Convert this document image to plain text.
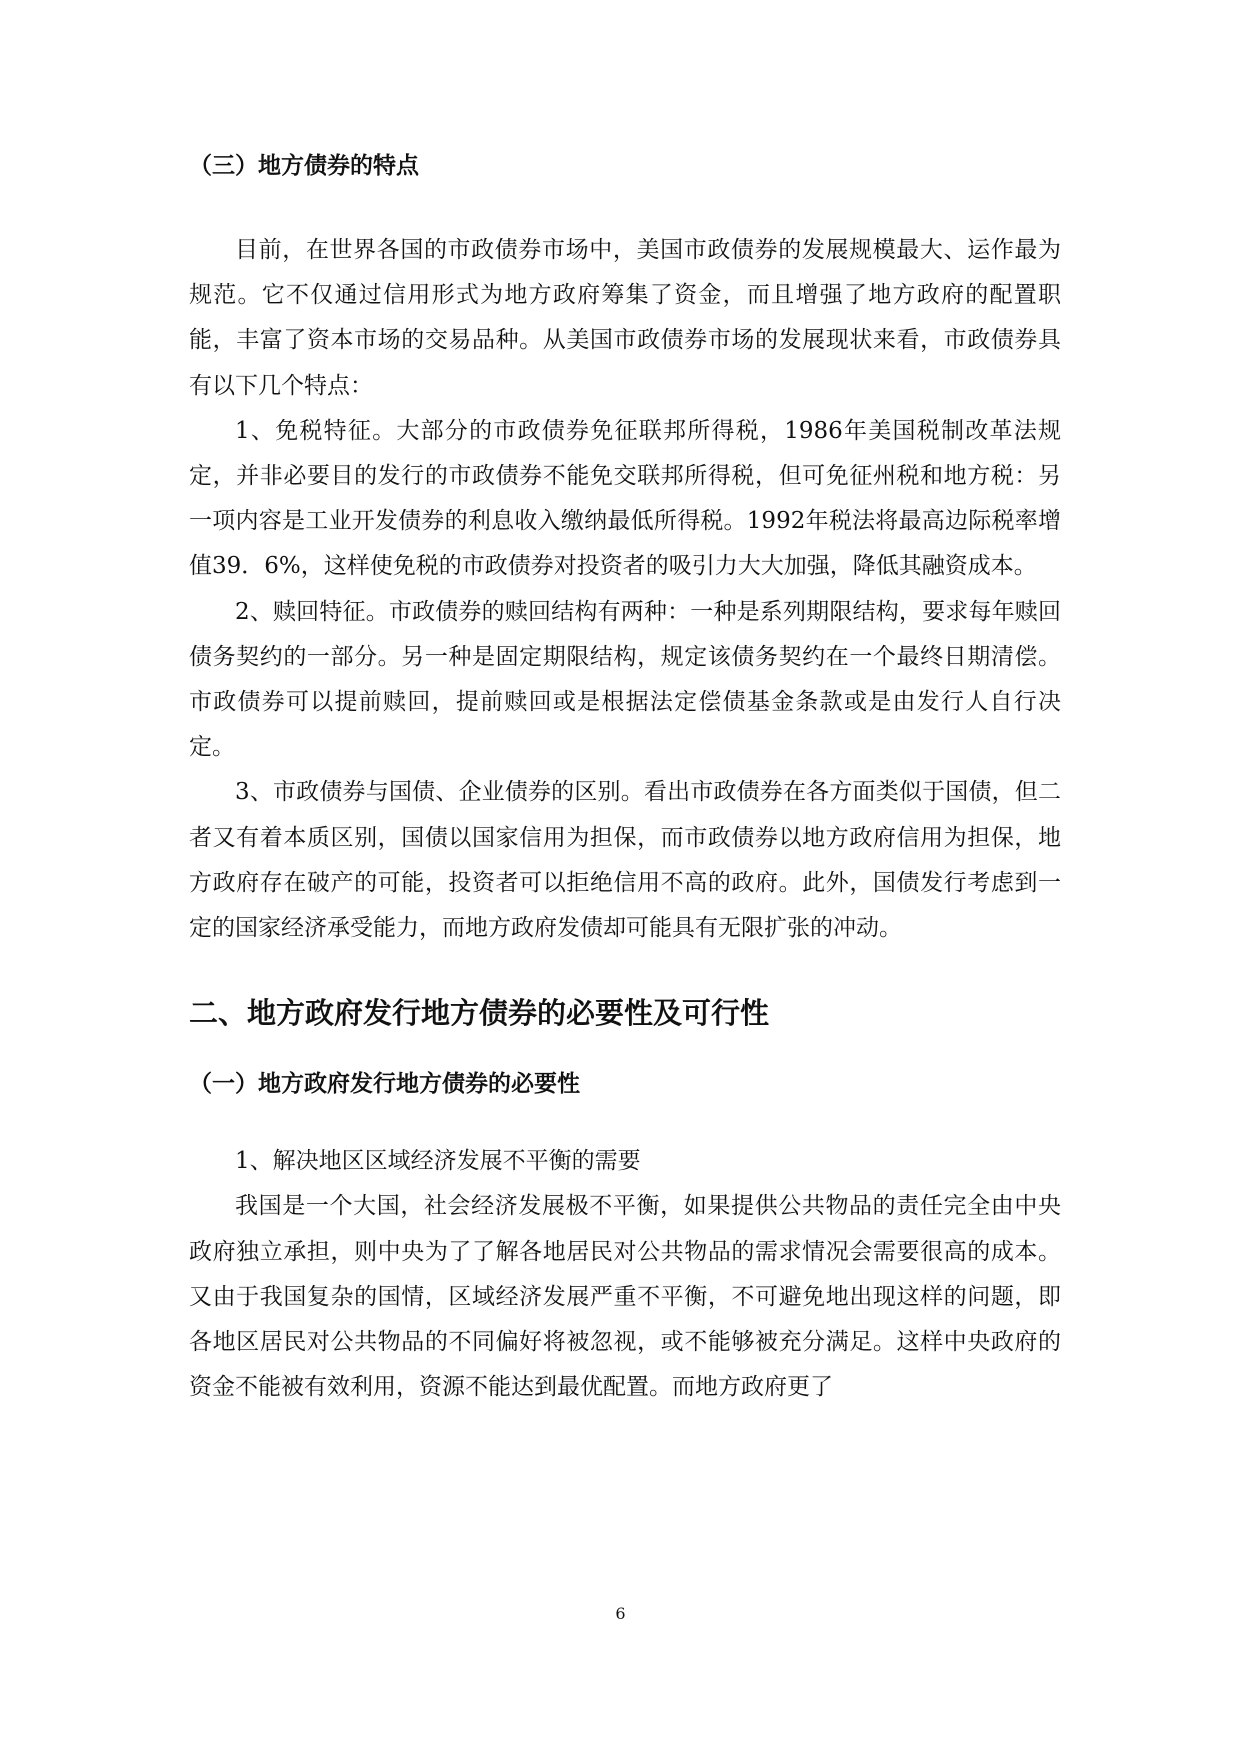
（三）地方债券的特点

目前，在世界各国的市政债券市场中，美国市政债券的发展规模最大、运作最为规范。它不仅通过信用形式为地方政府筹集了资金，而且增强了地方政府的配置职能，丰富了资本市场的交易品种。从美国市政债券市场的发展现状来看，市政债券具有以下几个特点：

1、免税特征。大部分的市政债券免征联邦所得税，1986年美国税制改革法规定，并非必要目的发行的市政债券不能免交联邦所得税，但可免征州税和地方税：另一项内容是工业开发债券的利息收入缴纳最低所得税。1992年税法将最高边际税率增值39．6%，这样使免税的市政债券对投资者的吸引力大大加强，降低其融资成本。

2、赎回特征。市政债券的赎回结构有两种：一种是系列期限结构，要求每年赎回债务契约的一部分。另一种是固定期限结构，规定该债务契约在一个最终日期清偿。市政债券可以提前赎回，提前赎回或是根据法定偿债基金条款或是由发行人自行决定。

3、市政债券与国债、企业债券的区别。看出市政债券在各方面类似于国债，但二者又有着本质区别，国债以国家信用为担保，而市政债券以地方政府信用为担保，地方政府存在破产的可能，投资者可以拒绝信用不高的政府。此外，国债发行考虑到一定的国家经济承受能力，而地方政府发债却可能具有无限扩张的冲动。

二、地方政府发行地方债券的必要性及可行性
（一）地方政府发行地方债券的必要性

1、解决地区区域经济发展不平衡的需要

我国是一个大国，社会经济发展极不平衡，如果提供公共物品的责任完全由中央政府独立承担，则中央为了了解各地居民对公共物品的需求情况会需要很高的成本。又由于我国复杂的国情，区域经济发展严重不平衡，不可避免地出现这样的问题，即各地区居民对公共物品的不同偏好将被忽视，或不能够被充分满足。这样中央政府的资金不能被有效利用，资源不能达到最优配置。而地方政府更了

6
